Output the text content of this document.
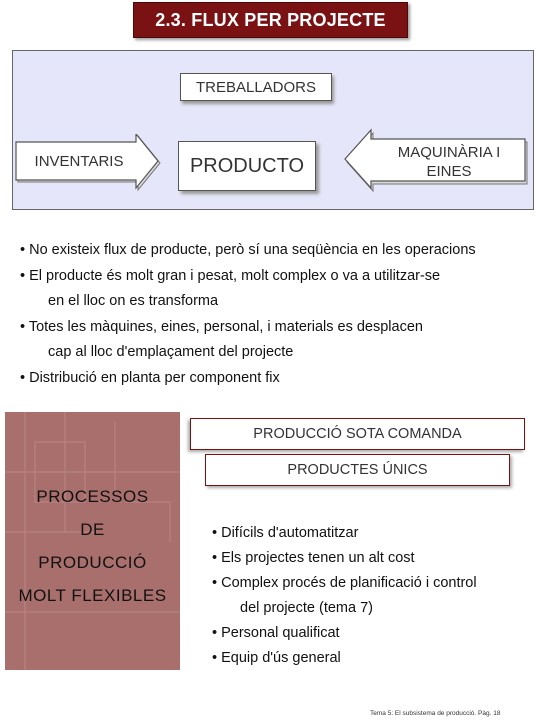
2.3. FLUX PER PROJECTE
TREBALLADORS
INVENTARIS	PRODUCTO
MAQUINÀRIA I
EINES
• No existeix flux de producte, però sí una seqüència en les operacions
• El producte és molt gran i pesat, molt complex o va a utilitzar-se
en el lloc on es transforma
• Totes les màquines, eines, personal, i materials es desplacen
cap al lloc d'emplaçament del projecte
• Distribució en planta per component fix
PROCESSOS
DE
PRODUCCIÓ
MOLT FLEXIBLES
PRODUCCIÓ SOTA COMANDA
PRODUCTES ÚNICS
• Difícils d'automatitzar
• Els projectes tenen un alt cost
• Complex procés de planificació i control
del projecte (tema 7)
• Personal qualificat
• Equip d'ús general
Tema 5: El subsistema de producció. Pàg. 18
